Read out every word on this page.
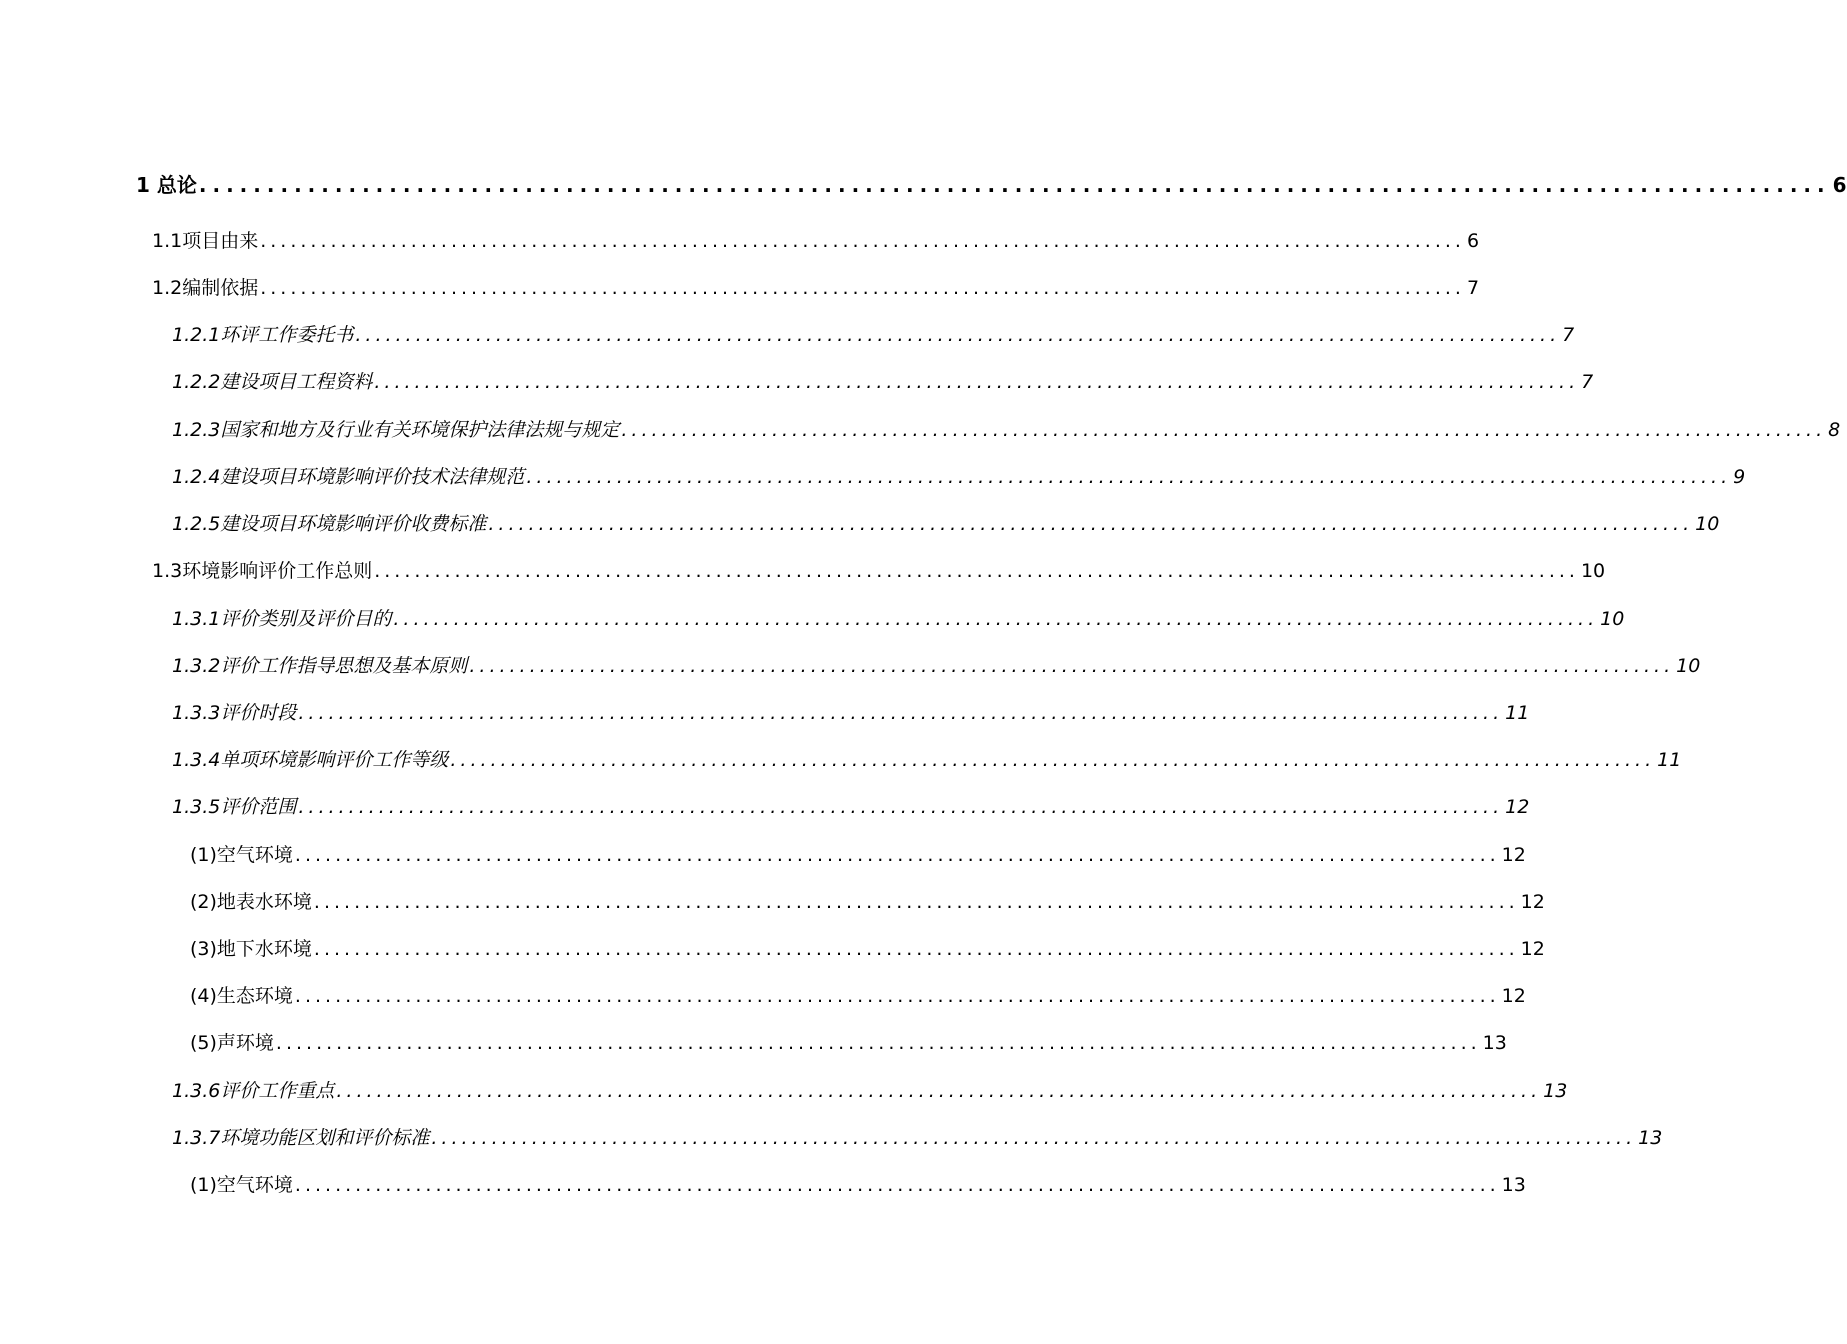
1 总论 ........................................................................................................................ 6
1.1项目由来 ........................................................................................................................ 6
1.2编制依据 ........................................................................................................................ 7
1.2.1环评工作委托书 ........................................................................................................................ 7
1.2.2建设项目工程资料 ........................................................................................................................ 7
1.2.3国家和地方及行业有关环境保护法律法规与规定 ........................................................................................................................ 8
1.2.4建设项目环境影响评价技术法律规范 ........................................................................................................................ 9
1.2.5建设项目环境影响评价收费标准 ........................................................................................................................ 10
1.3环境影响评价工作总则 ........................................................................................................................ 10
1.3.1评价类别及评价目的 ........................................................................................................................ 10
1.3.2评价工作指导思想及基本原则 ........................................................................................................................ 10
1.3.3评价时段 ........................................................................................................................ 11
1.3.4单项环境影响评价工作等级 ........................................................................................................................ 11
1.3.5评价范围 ........................................................................................................................ 12
(1)空气环境 ........................................................................................................................ 12
(2)地表水环境 ........................................................................................................................ 12
(3)地下水环境 ........................................................................................................................ 12
(4)生态环境 ........................................................................................................................ 12
(5)声环境 ........................................................................................................................ 13
1.3.6评价工作重点 ........................................................................................................................ 13
1.3.7环境功能区划和评价标准 ........................................................................................................................ 13
(1)空气环境 ........................................................................................................................ 13
